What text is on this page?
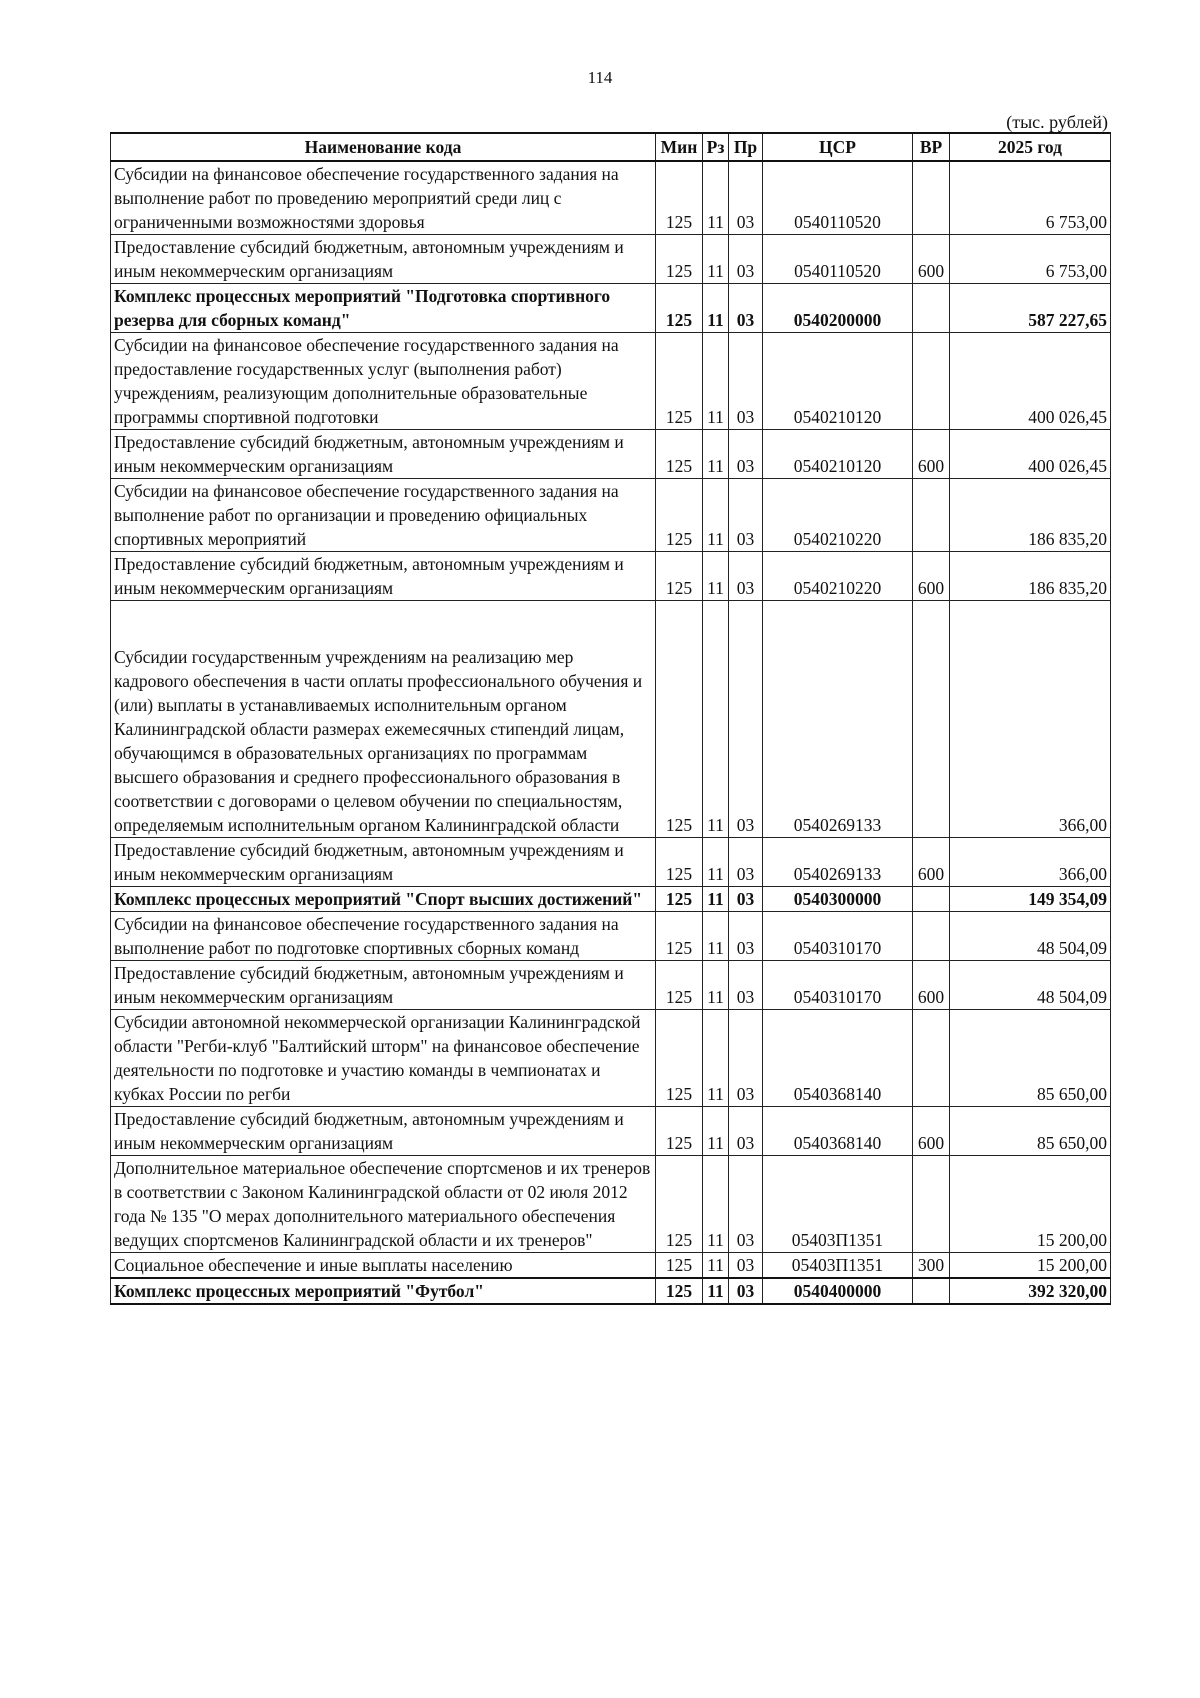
114
(тыс. рублей)
Наименование кода	Мин	Рз	Пр	ЦСР	ВР	2025 год
Субсидии на финансовое обеспечение государственного задания на выполнение работ по проведению мероприятий среди лиц с ограниченными возможностями здоровья	125	11	03	0540110520		6 753,00
Предоставление субсидий бюджетным, автономным учреждениям и иным некоммерческим организациям	125	11	03	0540110520	600	6 753,00
Комплекс процессных мероприятий "Подготовка спортивного резерва для сборных команд"	125	11	03	0540200000		587 227,65
Субсидии на финансовое обеспечение государственного задания на предоставление государственных услуг (выполнения работ) учреждениям, реализующим дополнительные образовательные программы спортивной подготовки	125	11	03	0540210120		400 026,45
Предоставление субсидий бюджетным, автономным учреждениям и иным некоммерческим организациям	125	11	03	0540210120	600	400 026,45
Субсидии на финансовое обеспечение государственного задания на выполнение работ по организации и проведению официальных спортивных мероприятий	125	11	03	0540210220		186 835,20
Предоставление субсидий бюджетным, автономным учреждениям и иным некоммерческим организациям	125	11	03	0540210220	600	186 835,20
Субсидии государственным учреждениям на реализацию мер кадрового обеспечения в части оплаты профессионального обучения и (или) выплаты в устанавливаемых исполнительным органом Калининградской области размерах ежемесячных стипендий лицам, обучающимся в образовательных организациях по программам высшего образования и среднего профессионального образования в соответствии с договорами о целевом обучении по специальностям, определяемым исполнительным органом Калининградской области	125	11	03	0540269133		366,00
Предоставление субсидий бюджетным, автономным учреждениям и иным некоммерческим организациям	125	11	03	0540269133	600	366,00
Комплекс процессных мероприятий "Спорт высших достижений"	125	11	03	0540300000		149 354,09
Субсидии на финансовое обеспечение государственного задания на выполнение работ по подготовке спортивных сборных команд	125	11	03	0540310170		48 504,09
Предоставление субсидий бюджетным, автономным учреждениям и иным некоммерческим организациям	125	11	03	0540310170	600	48 504,09
Субсидии автономной некоммерческой организации Калининградской области "Регби-клуб "Балтийский шторм" на финансовое обеспечение деятельности по подготовке и участию команды в чемпионатах и кубках России по регби	125	11	03	0540368140		85 650,00
Предоставление субсидий бюджетным, автономным учреждениям и иным некоммерческим организациям	125	11	03	0540368140	600	85 650,00
Дополнительное материальное обеспечение спортсменов и их тренеров в соответствии с Законом Калининградской области от 02 июля 2012 года № 135 "О мерах дополнительного материального обеспечения ведущих спортсменов Калининградской области и их тренеров"	125	11	03	05403П1351		15 200,00
Социальное обеспечение и иные выплаты населению	125	11	03	05403П1351	300	15 200,00
Комплекс процессных мероприятий "Футбол"	125	11	03	0540400000		392 320,00
